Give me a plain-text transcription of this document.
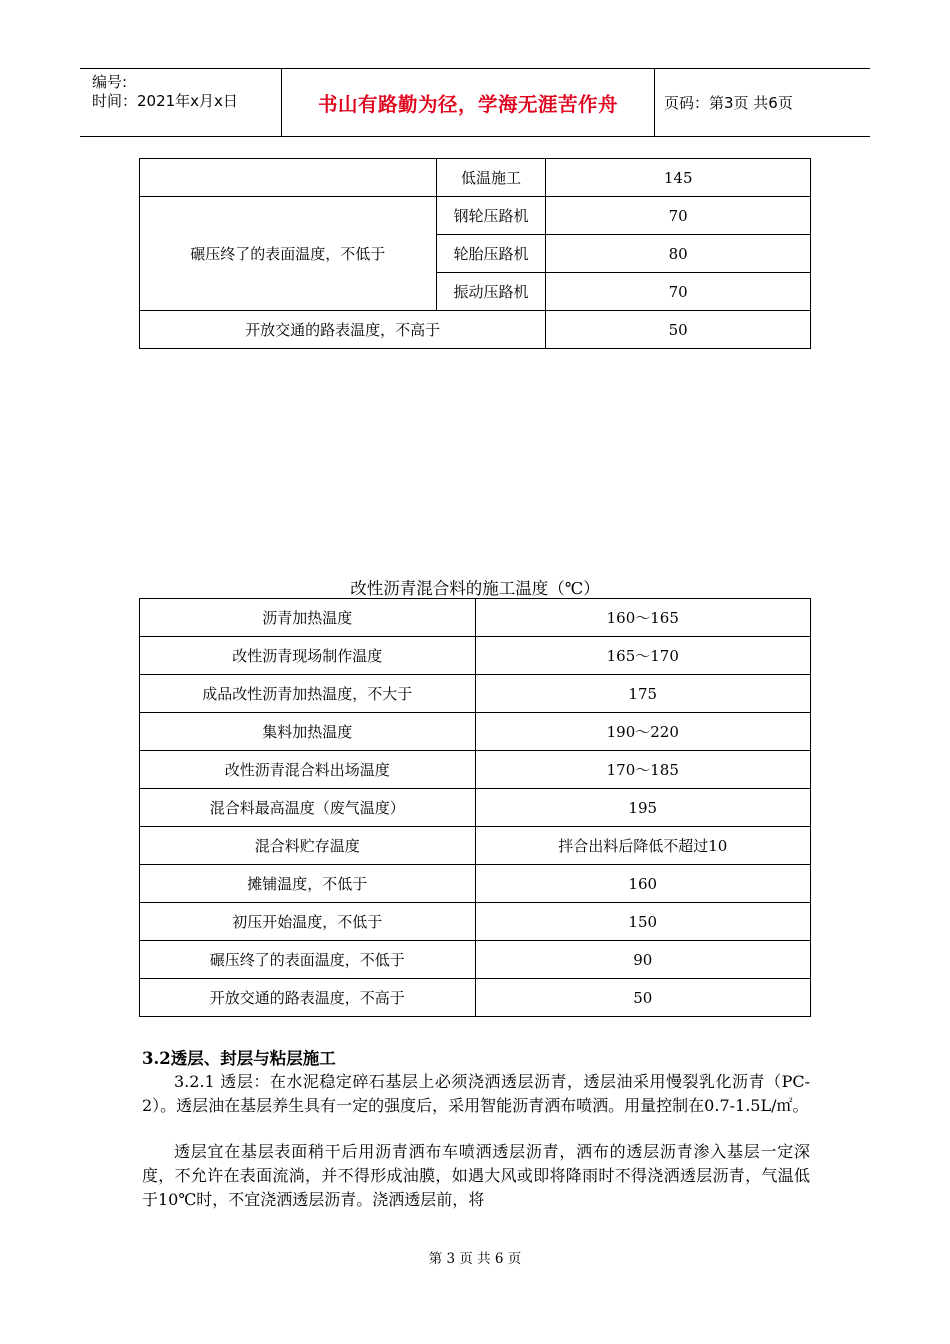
编号:
时间：2021年x月x日	书山有路勤为径，学海无涯苦作舟	页码：第3页 共6页
	低温施工	145
碾压终了的表面温度，不低于	钢轮压路机	70
	轮胎压路机	80
	振动压路机	70
开放交通的路表温度，不高于		50
改性沥青混合料的施工温度（℃）
沥青加热温度	160～165
改性沥青现场制作温度	165～170
成品改性沥青加热温度，不大于	175
集料加热温度	190～220
改性沥青混合料出场温度	170～185
混合料最高温度（废气温度）	195
混合料贮存温度	拌合出料后降低不超过10
摊铺温度，不低于	160
初压开始温度，不低于	150
碾压终了的表面温度，不低于	90
开放交通的路表温度，不高于	50
3.2透层、封层与粘层施工
3.2.1 透层：在水泥稳定碎石基层上必须浇洒透层沥青，透层油采用慢裂乳化沥青（PC-2）。透层油在基层养生具有一定的强度后，采用智能沥青洒布喷洒。用量控制在0.7-1.5L/㎡。
透层宜在基层表面稍干后用沥青洒布车喷洒透层沥青，洒布的透层沥青渗入基层一定深度，不允许在表面流淌，并不得形成油膜，如遇大风或即将降雨时不得浇洒透层沥青，气温低于10℃时，不宜浇洒透层沥青。浇洒透层前，将
第 3 页 共 6 页
